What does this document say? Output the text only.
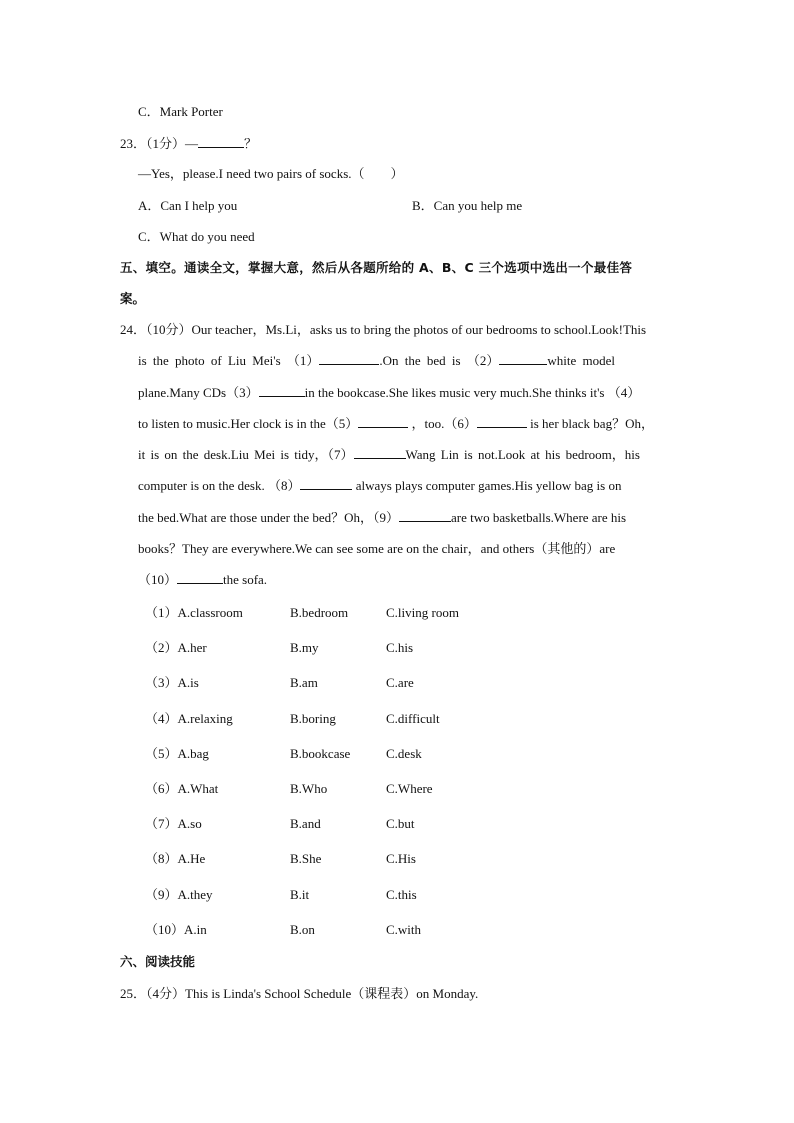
C．Mark Porter
23．（1分）—	？
—Yes，please.I need two pairs of socks.（　　）
A．Can I help you	B．Can you help me
C．What do you need
五、填空。通读全文，掌握大意，然后从各题所给的 A、B、C 三个选项中选出一个最佳答
案。
24．（10分）Our teacher，Ms.Li，asks us to bring the photos of our bedrooms to school.Look!This
is the photo of Liu Mei's （1）	.On the bed is （2）	white model
plane.Many CDs（3）	in the bookcase.She likes music very much.She thinks it's （4）
to listen to music.Her clock is in the（5）	，too.（6）	is her black bag？Oh，
it is on the desk.Liu Mei is tidy，（7）	Wang Lin is not.Look at his bedroom，his
computer is on the desk. （8）	always plays computer games.His yellow bag is on
the bed.What are those under the bed？Oh，（9）	are two basketballs.Where are his
books？They are everywhere.We can see some are on the chair，and others（其他的）are
（10）	the sofa.
（1）A.classroom	B.bedroom	C.living room
（2）A.her	B.my	C.his
（3）A.is	B.am	C.are
（4）A.relaxing	B.boring	C.difficult
（5）A.bag	B.bookcase	C.desk
（6）A.What	B.Who	C.Where
（7）A.so	B.and	C.but
（8）A.He	B.She	C.His
（9）A.they	B.it	C.this
（10）A.in	B.on	C.with
六、阅读技能
25．（4分）This is Linda's School Schedule（课程表）on Monday.
